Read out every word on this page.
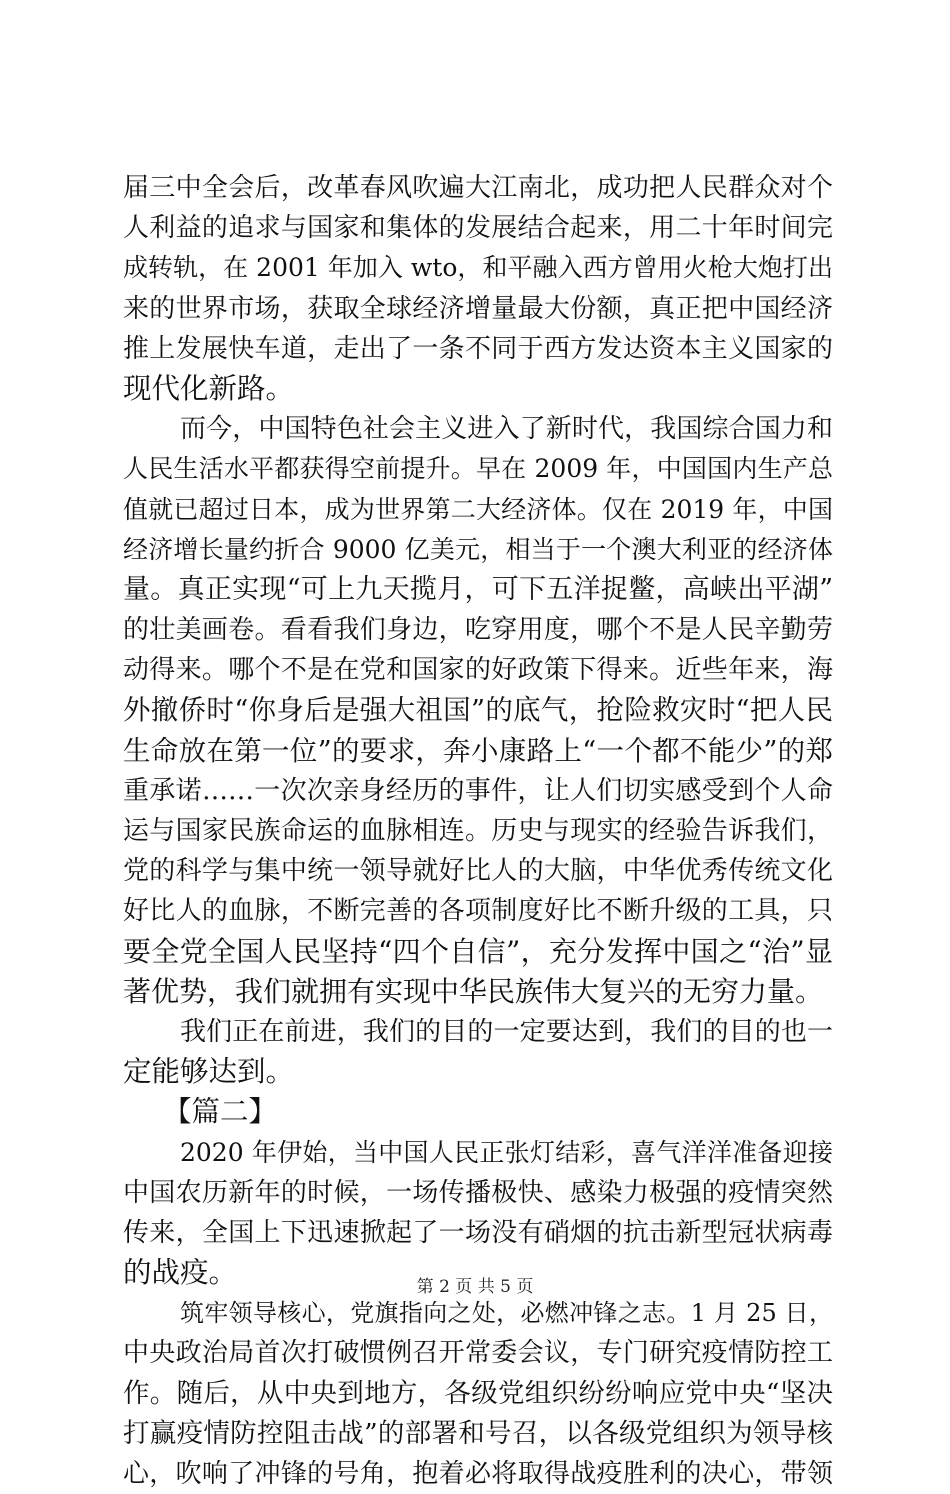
届三中全会后，改革春风吹遍大江南北，成功把人民群众对个
人利益的追求与国家和集体的发展结合起来，用二十年时间完
成转轨，在 2001 年加入 wto，和平融入西方曾用火枪大炮打出
来的世界市场，获取全球经济增量最大份额，真正把中国经济
推上发展快车道，走出了一条不同于西方发达资本主义国家的
现代化新路。
而今，中国特色社会主义进入了新时代，我国综合国力和
人民生活水平都获得空前提升。早在 2009 年，中国国内生产总
值就已超过日本，成为世界第二大经济体。仅在 2019 年，中国
经济增长量约折合 9000 亿美元，相当于一个澳大利亚的经济体
量。真正实现“可上九天揽月，可下五洋捉鳖，高峡出平湖”
的壮美画卷。看看我们身边，吃穿用度，哪个不是人民辛勤劳
动得来。哪个不是在党和国家的好政策下得来。近些年来，海
外撤侨时“你身后是强大祖国”的底气，抢险救灾时“把人民
生命放在第一位”的要求，奔小康路上“一个都不能少”的郑
重承诺……一次次亲身经历的事件，让人们切实感受到个人命
运与国家民族命运的血脉相连。历史与现实的经验告诉我们，
党的科学与集中统一领导就好比人的大脑，中华优秀传统文化
好比人的血脉，不断完善的各项制度好比不断升级的工具，只
要全党全国人民坚持“四个自信”，充分发挥中国之“治”显
著优势，我们就拥有实现中华民族伟大复兴的无穷力量。
我们正在前进，我们的目的一定要达到，我们的目的也一
定能够达到。
【篇二】
2020 年伊始，当中国人民正张灯结彩，喜气洋洋准备迎接
中国农历新年的时候，一场传播极快、感染力极强的疫情突然
传来，全国上下迅速掀起了一场没有硝烟的抗击新型冠状病毒
的战疫。
筑牢领导核心，党旗指向之处，必燃冲锋之志。1 月 25 日，
中央政治局首次打破惯例召开常委会议，专门研究疫情防控工
作。随后，从中央到地方，各级党组织纷纷响应党中央“坚决
打赢疫情防控阻击战”的部署和号召，以各级党组织为领导核
心，吹响了冲锋的号角，抱着必将取得战疫胜利的决心，带领
第 2 页 共 5 页
